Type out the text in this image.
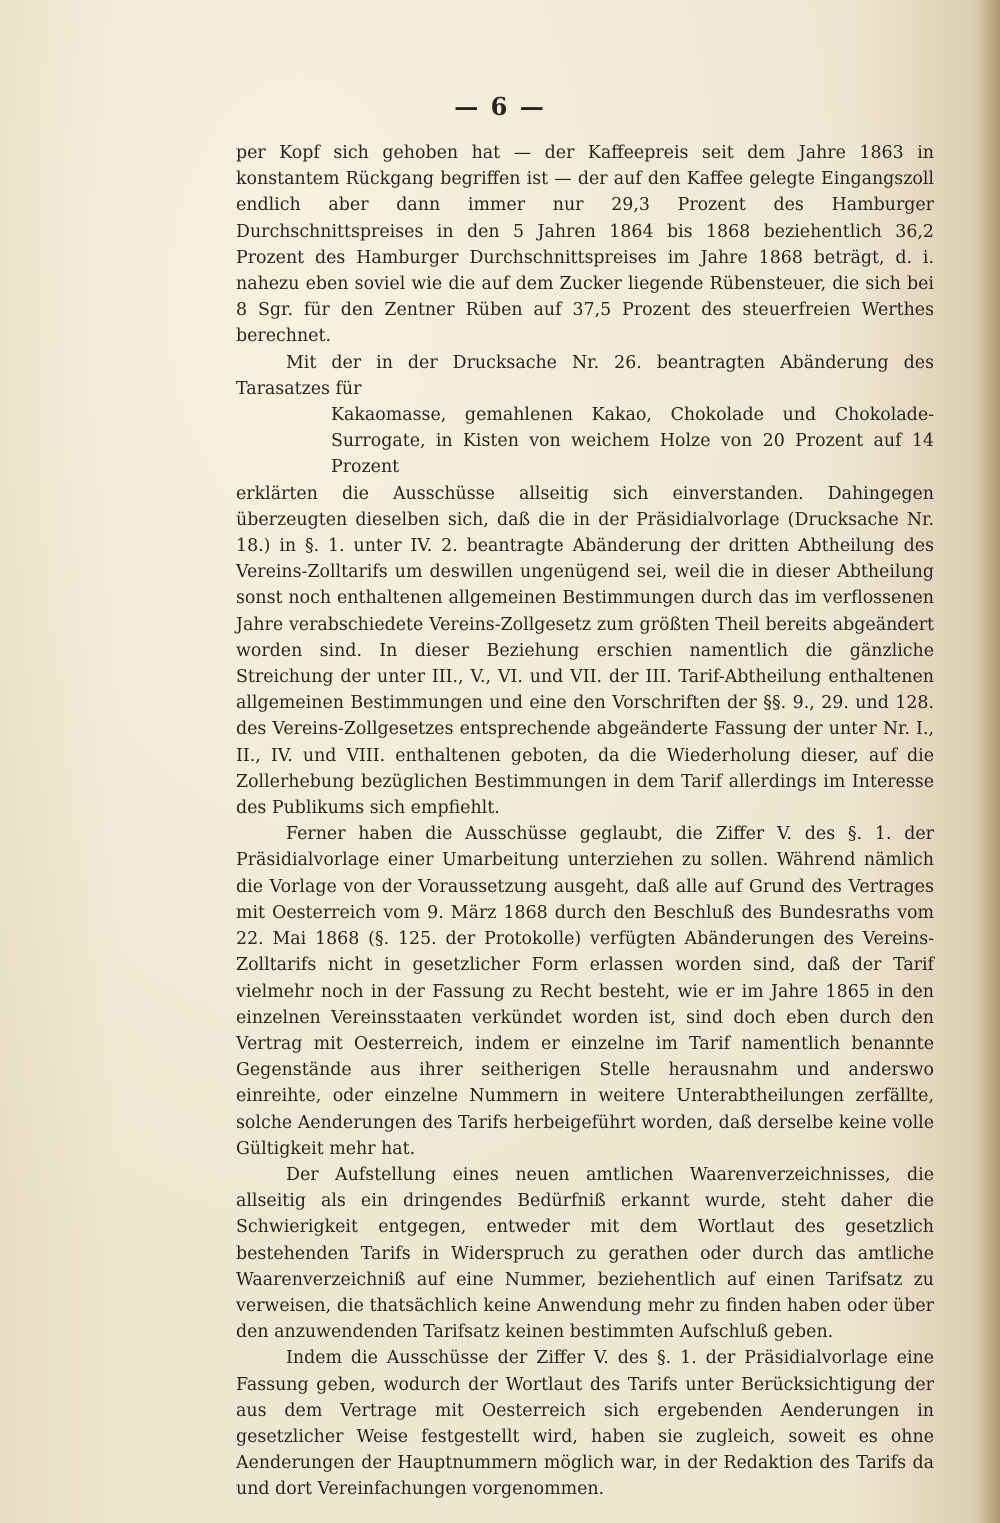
— 6 —

per Kopf sich gehoben hat — der Kaffeepreis seit dem Jahre 1863 in konstantem Rückgang begriffen ist — der auf den Kaffee gelegte Eingangszoll endlich aber dann immer nur 29,3 Prozent des Hamburger Durchschnittspreises in den 5 Jahren 1864 bis 1868 beziehentlich 36,2 Prozent des Hamburger Durchschnittspreises im Jahre 1868 beträgt, d. i. nahezu eben soviel wie die auf dem Zucker liegende Rübensteuer, die sich bei 8 Sgr. für den Zentner Rüben auf 37,5 Prozent des steuerfreien Werthes berechnet.

Mit der in der Drucksache Nr. 26. beantragten Abänderung des Tarasatzes für

Kakaomasse, gemahlenen Kakao, Chokolade und Chokolade-Surrogate, in Kisten von weichem Holze von 20 Prozent auf 14 Prozent

erklärten die Ausschüsse allseitig sich einverstanden. Dahingegen überzeugten dieselben sich, daß die in der Präsidialvorlage (Drucksache Nr. 18.) in §. 1. unter IV. 2. beantragte Abänderung der dritten Abtheilung des Vereins-Zolltarifs um deswillen ungenügend sei, weil die in dieser Abtheilung sonst noch enthaltenen allgemeinen Bestimmungen durch das im verflossenen Jahre verabschiedete Vereins-Zollgesetz zum größten Theil bereits abgeändert worden sind. In dieser Beziehung erschien namentlich die gänzliche Streichung der unter III., V., VI. und VII. der III. Tarif-Abtheilung enthaltenen allgemeinen Bestimmungen und eine den Vorschriften der §§. 9., 29. und 128. des Vereins-Zollgesetzes entsprechende abgeänderte Fassung der unter Nr. I., II., IV. und VIII. enthaltenen geboten, da die Wiederholung dieser, auf die Zollerhebung bezüglichen Bestimmungen in dem Tarif allerdings im Interesse des Publikums sich empfiehlt.

Ferner haben die Ausschüsse geglaubt, die Ziffer V. des §. 1. der Präsidialvorlage einer Umarbeitung unterziehen zu sollen. Während nämlich die Vorlage von der Voraussetzung ausgeht, daß alle auf Grund des Vertrages mit Oesterreich vom 9. März 1868 durch den Beschluß des Bundesraths vom 22. Mai 1868 (§. 125. der Protokolle) verfügten Abänderungen des Vereins-Zolltarifs nicht in gesetzlicher Form erlassen worden sind, daß der Tarif vielmehr noch in der Fassung zu Recht besteht, wie er im Jahre 1865 in den einzelnen Vereinsstaaten verkündet worden ist, sind doch eben durch den Vertrag mit Oesterreich, indem er einzelne im Tarif namentlich benannte Gegenstände aus ihrer seitherigen Stelle herausnahm und anderswo einreihte, oder einzelne Nummern in weitere Unterabtheilungen zerfällte, solche Aenderungen des Tarifs herbeigeführt worden, daß derselbe keine volle Gültigkeit mehr hat.

Der Aufstellung eines neuen amtlichen Waarenverzeichnisses, die allseitig als ein dringendes Bedürfniß erkannt wurde, steht daher die Schwierigkeit entgegen, entweder mit dem Wortlaut des gesetzlich bestehenden Tarifs in Widerspruch zu gerathen oder durch das amtliche Waarenverzeichniß auf eine Nummer, beziehentlich auf einen Tarifsatz zu verweisen, die thatsächlich keine Anwendung mehr zu finden haben oder über den anzuwendenden Tarifsatz keinen bestimmten Aufschluß geben.

Indem die Ausschüsse der Ziffer V. des §. 1. der Präsidialvorlage eine Fassung geben, wodurch der Wortlaut des Tarifs unter Berücksichtigung der aus dem Vertrage mit Oesterreich sich ergebenden Aenderungen in gesetzlicher Weise festgestellt wird, haben sie zugleich, soweit es ohne Aenderungen der Hauptnummern möglich war, in der Redaktion des Tarifs da und dort Vereinfachungen vorgenommen.
